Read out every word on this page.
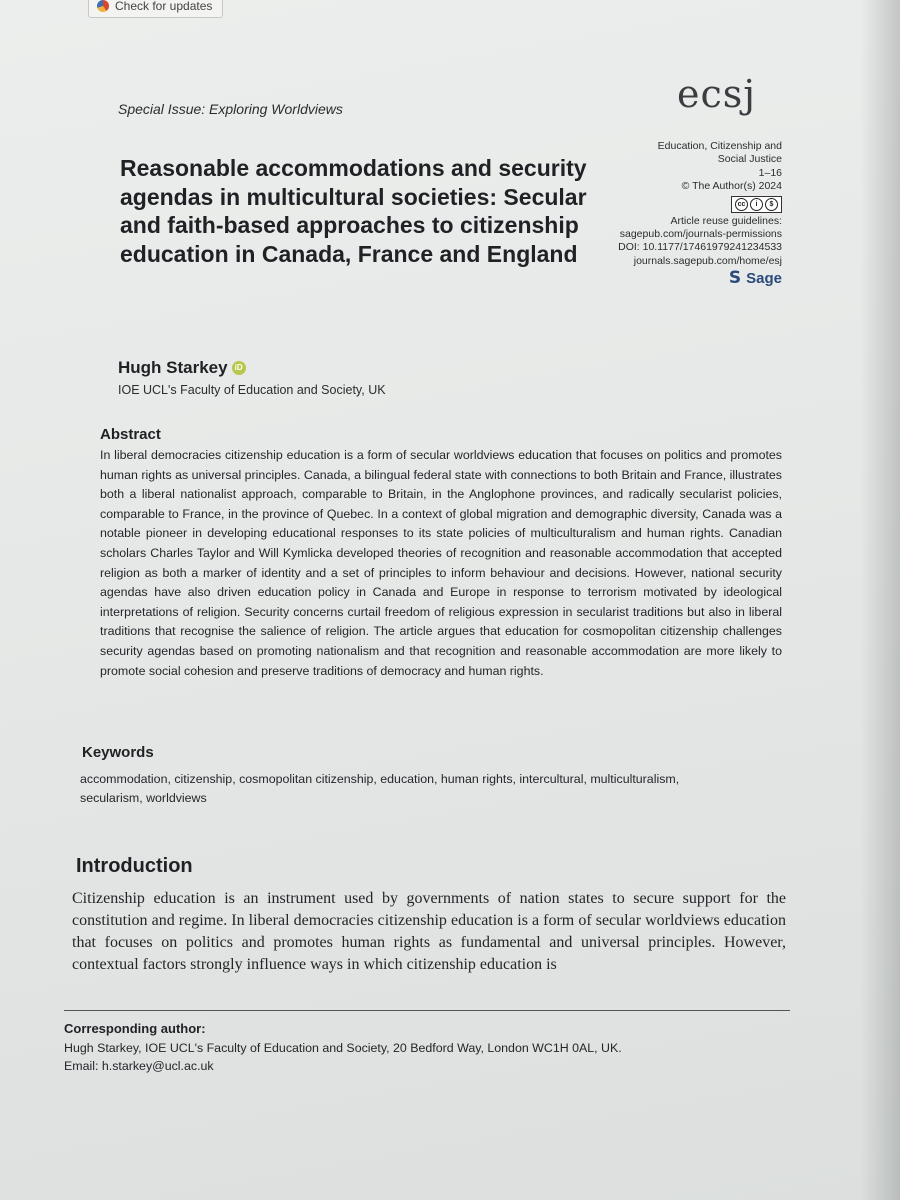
Check for updates
Special Issue: Exploring Worldviews	ecsj
Reasonable accommodations and security agendas in multicultural societies: Secular and faith-based approaches to citizenship education in Canada, France and England
Education, Citizenship and
Social Justice
1–16
© The Author(s) 2024
cc	i	$
Article reuse guidelines:
sagepub.com/journals-permissions
DOI: 10.1177/17461979241234533
journals.sagepub.com/home/esj
S Sage
Hugh Starkey iD
IOE UCL's Faculty of Education and Society, UK
Abstract

In liberal democracies citizenship education is a form of secular worldviews education that focuses on politics and promotes human rights as universal principles. Canada, a bilingual federal state with connections to both Britain and France, illustrates both a liberal nationalist approach, comparable to Britain, in the Anglophone provinces, and radically secularist policies, comparable to France, in the province of Quebec. In a context of global migration and demographic diversity, Canada was a notable pioneer in developing educational responses to its state policies of multiculturalism and human rights. Canadian scholars Charles Taylor and Will Kymlicka developed theories of recognition and reasonable accommodation that accepted religion as both a marker of identity and a set of principles to inform behaviour and decisions. However, national security agendas have also driven education policy in Canada and Europe in response to terrorism motivated by ideological interpretations of religion. Security concerns curtail freedom of religious expression in secularist traditions but also in liberal traditions that recognise the salience of religion. The article argues that education for cosmopolitan citizenship challenges security agendas based on promoting nationalism and that recognition and reasonable accommodation are more likely to promote social cohesion and preserve traditions of democracy and human rights.

Keywords

accommodation, citizenship, cosmopolitan citizenship, education, human rights, intercultural, multiculturalism, secularism, worldviews

Introduction

Citizenship education is an instrument used by governments of nation states to secure support for the constitution and regime. In liberal democracies citizenship education is a form of secular worldviews education that focuses on politics and promotes human rights as fundamental and universal principles. However, contextual factors strongly influence ways in which citizenship education is

Corresponding author:
Hugh Starkey, IOE UCL's Faculty of Education and Society, 20 Bedford Way, London WC1H 0AL, UK.
Email: h.starkey@ucl.ac.uk
